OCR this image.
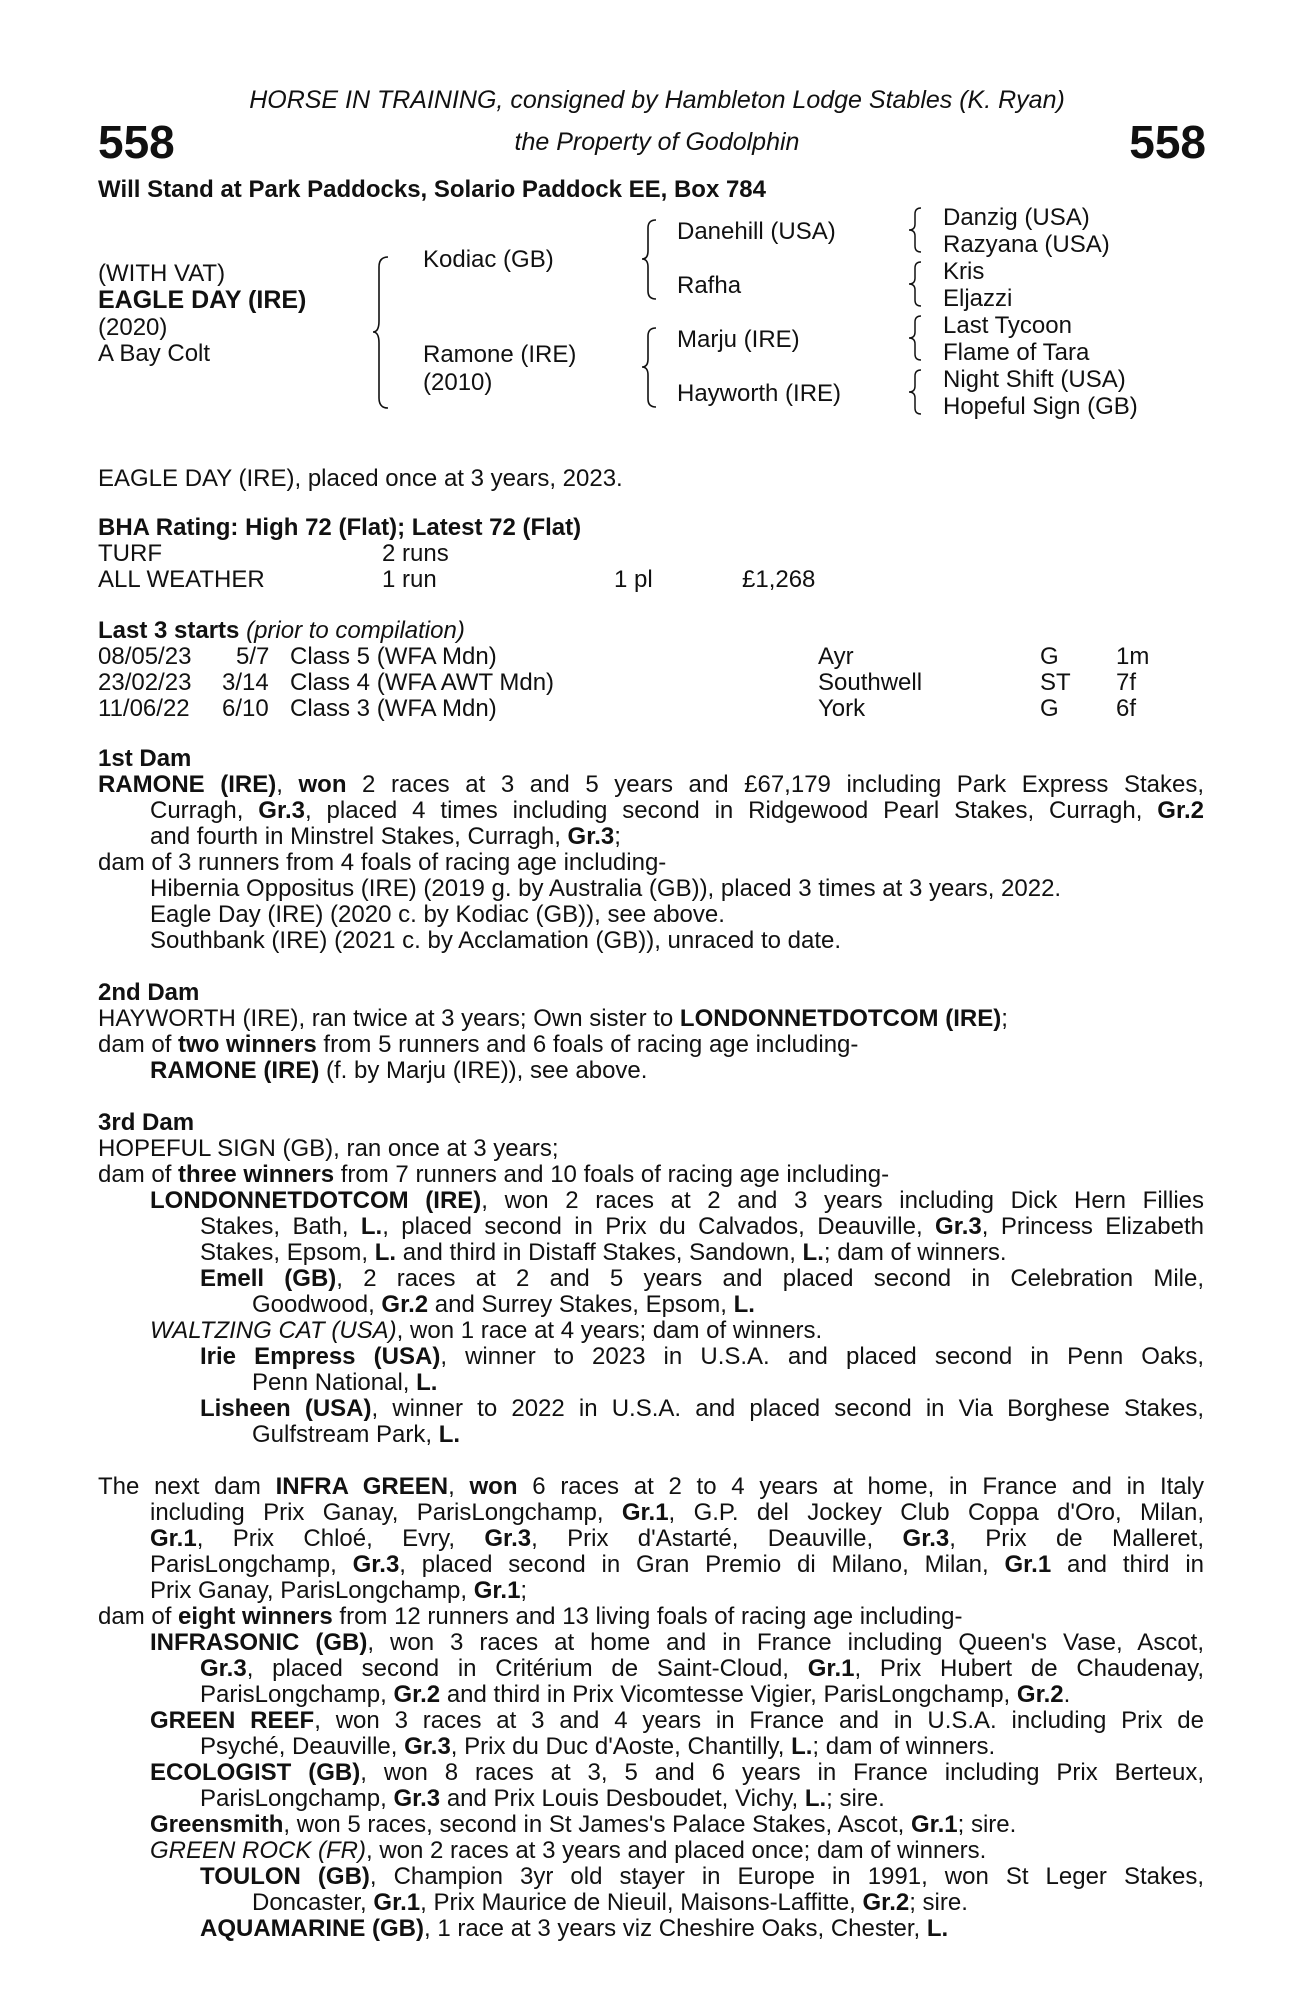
HORSE IN TRAINING, consigned by Hambleton Lodge Stables (K. Ryan)
the Property of Godolphin
558	558
Will Stand at Park Paddocks, Solario Paddock EE, Box 784
(WITH VAT)
EAGLE DAY (IRE)
(2020)
A Bay Colt
Kodiac (GB)
Ramone (IRE)
(2010)
Danehill (USA)
Rafha
Marju (IRE)
Hayworth (IRE)
Danzig (USA)
Razyana (USA)
Kris
Eljazzi
Last Tycoon
Flame of Tara
Night Shift (USA)
Hopeful Sign (GB)
EAGLE DAY (IRE), placed once at 3 years, 2023.
BHA Rating: High 72 (Flat); Latest 72 (Flat)
TURF	2 runs
ALL WEATHER	1 run	1 pl	£1,268
Last 3 starts (prior to compilation)
08/05/23 5/7 Class 5 (WFA Mdn)	Ayr	G 1m
23/02/23 3/14 Class 4 (WFA AWT Mdn)	Southwell	ST 7f
11/06/22 6/10 Class 3 (WFA Mdn)	York	G 6f
1st Dam
RAMONE (IRE), won 2 races at 3 and 5 years and £67,179 including Park Express Stakes,
Curragh, Gr.3, placed 4 times including second in Ridgewood Pearl Stakes, Curragh, Gr.2
and fourth in Minstrel Stakes, Curragh, Gr.3;
dam of 3 runners from 4 foals of racing age including-
Hibernia Oppositus (IRE) (2019 g. by Australia (GB)), placed 3 times at 3 years, 2022.
Eagle Day (IRE) (2020 c. by Kodiac (GB)), see above.
Southbank (IRE) (2021 c. by Acclamation (GB)), unraced to date.
2nd Dam
HAYWORTH (IRE), ran twice at 3 years; Own sister to LONDONNETDOTCOM (IRE);
dam of two winners from 5 runners and 6 foals of racing age including-
RAMONE (IRE) (f. by Marju (IRE)), see above.
3rd Dam
HOPEFUL SIGN (GB), ran once at 3 years;
dam of three winners from 7 runners and 10 foals of racing age including-
LONDONNETDOTCOM (IRE), won 2 races at 2 and 3 years including Dick Hern Fillies
Stakes, Bath, L., placed second in Prix du Calvados, Deauville, Gr.3, Princess Elizabeth
Stakes, Epsom, L. and third in Distaff Stakes, Sandown, L.; dam of winners.
Emell (GB), 2 races at 2 and 5 years and placed second in Celebration Mile,
Goodwood, Gr.2 and Surrey Stakes, Epsom, L.
WALTZING CAT (USA), won 1 race at 4 years; dam of winners.
Irie Empress (USA), winner to 2023 in U.S.A. and placed second in Penn Oaks,
Penn National, L.
Lisheen (USA), winner to 2022 in U.S.A. and placed second in Via Borghese Stakes,
Gulfstream Park, L.
The next dam INFRA GREEN, won 6 races at 2 to 4 years at home, in France and in Italy
including Prix Ganay, ParisLongchamp, Gr.1, G.P. del Jockey Club Coppa d'Oro, Milan,
Gr.1, Prix Chloé, Evry, Gr.3, Prix d'Astarté, Deauville, Gr.3, Prix de Malleret,
ParisLongchamp, Gr.3, placed second in Gran Premio di Milano, Milan, Gr.1 and third in
Prix Ganay, ParisLongchamp, Gr.1;
dam of eight winners from 12 runners and 13 living foals of racing age including-
INFRASONIC (GB), won 3 races at home and in France including Queen's Vase, Ascot,
Gr.3, placed second in Critérium de Saint-Cloud, Gr.1, Prix Hubert de Chaudenay,
ParisLongchamp, Gr.2 and third in Prix Vicomtesse Vigier, ParisLongchamp, Gr.2.
GREEN REEF, won 3 races at 3 and 4 years in France and in U.S.A. including Prix de
Psyché, Deauville, Gr.3, Prix du Duc d'Aoste, Chantilly, L.; dam of winners.
ECOLOGIST (GB), won 8 races at 3, 5 and 6 years in France including Prix Berteux,
ParisLongchamp, Gr.3 and Prix Louis Desboudet, Vichy, L.; sire.
Greensmith, won 5 races, second in St James's Palace Stakes, Ascot, Gr.1; sire.
GREEN ROCK (FR), won 2 races at 3 years and placed once; dam of winners.
TOULON (GB), Champion 3yr old stayer in Europe in 1991, won St Leger Stakes,
Doncaster, Gr.1, Prix Maurice de Nieuil, Maisons-Laffitte, Gr.2; sire.
AQUAMARINE (GB), 1 race at 3 years viz Cheshire Oaks, Chester, L.
